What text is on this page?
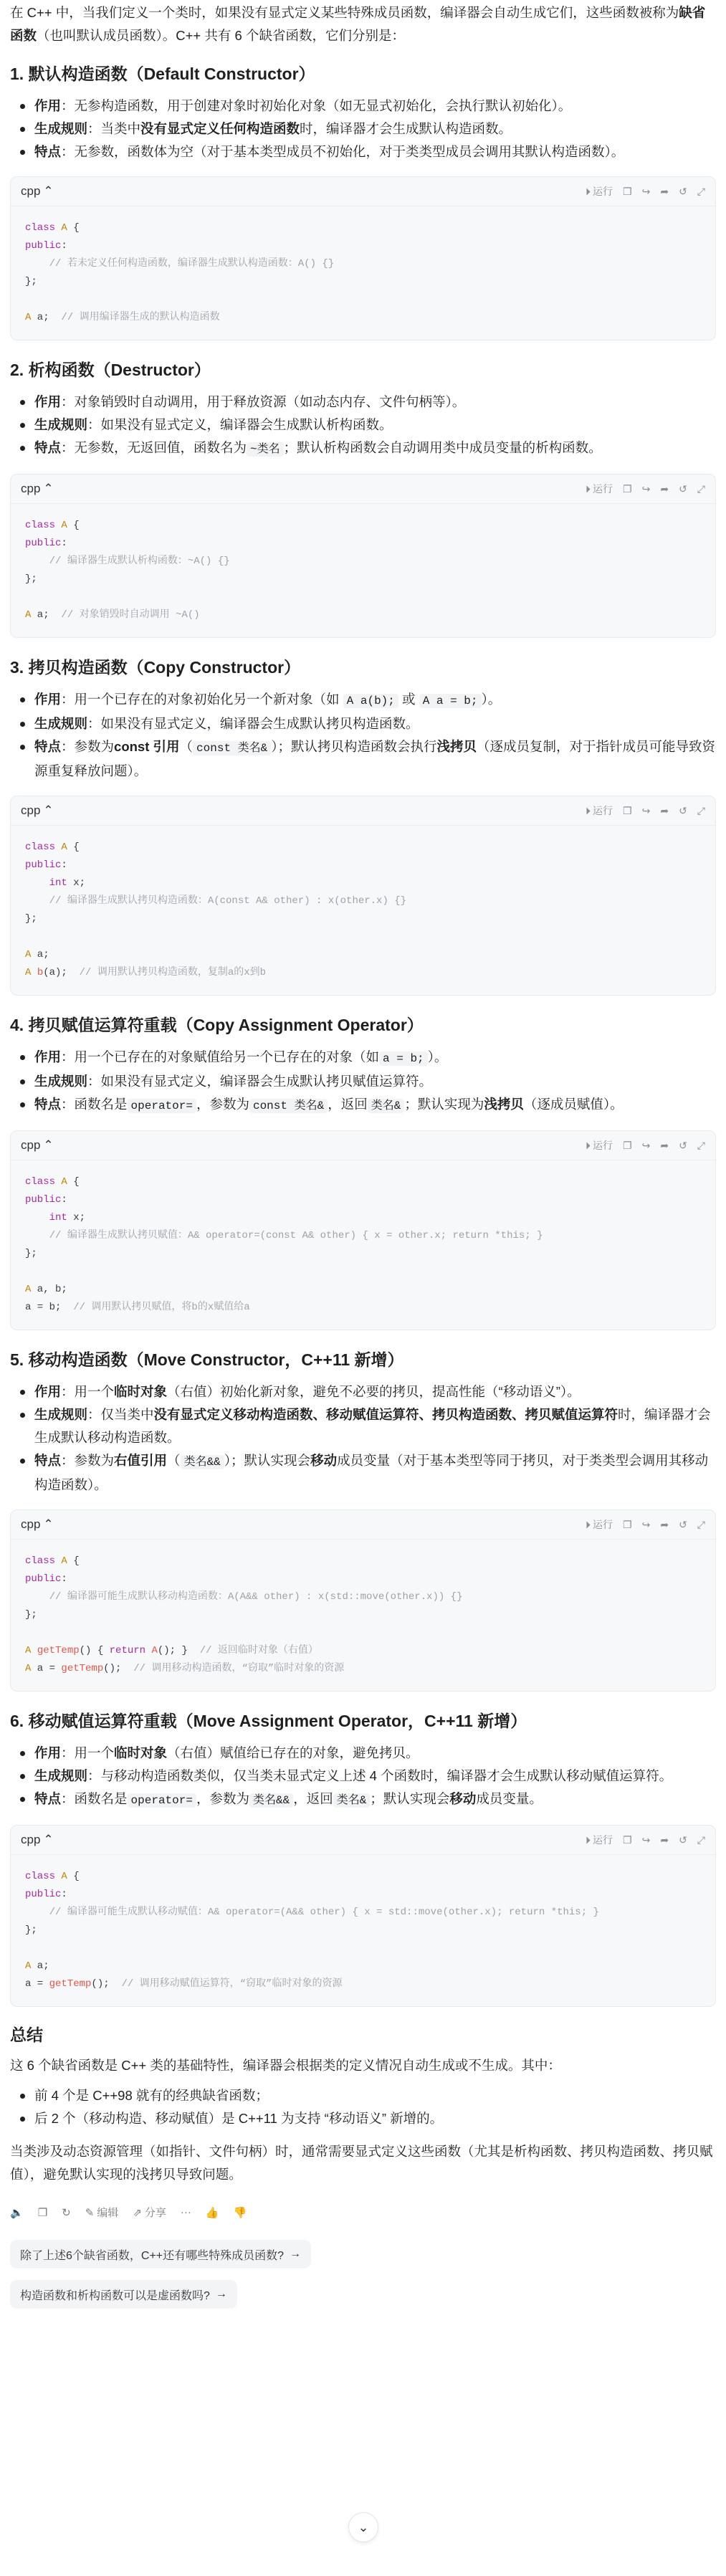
在 C++ 中，当我们定义一个类时，如果没有显式定义某些特殊成员函数，编译器会自动生成它们，这些函数被称为缺省函数（也叫默认成员函数）。C++ 共有 6 个缺省函数，它们分别是：

1. 默认构造函数（Default Constructor）
作用：无参构造函数，用于创建对象时初始化对象（如无显式初始化，会执行默认初始化）。
生成规则：当类中没有显式定义任何构造函数时，编译器才会生成默认构造函数。
特点：无参数，函数体为空（对于基本类型成员不初始化，对于类类型成员会调用其默认构造函数）。
cpp ⌃	⏵ 运行 ❐ ↪ ➦ ↺ ⤢
class A {
public:
// 若未定义任何构造函数，编译器生成默认构造函数：A() {}
};

A a;  // 调用编译器生成的默认构造函数
2. 析构函数（Destructor）
作用：对象销毁时自动调用，用于释放资源（如动态内存、文件句柄等）。
生成规则：如果没有显式定义，编译器会生成默认析构函数。
特点：无参数，无返回值，函数名为 ~类名 ；默认析构函数会自动调用类中成员变量的析构函数。
cpp ⌃	⏵ 运行 ❐ ↪ ➦ ↺ ⤢
class A {
public:
// 编译器生成默认析构函数：~A() {}
};

A a;  // 对象销毁时自动调用 ~A()
3. 拷贝构造函数（Copy Constructor）
作用：用一个已存在的对象初始化另一个新对象（如 A a(b); 或 A a = b; ）。
生成规则：如果没有显式定义，编译器会生成默认拷贝构造函数。
特点：参数为const 引用（ const 类名& ）；默认拷贝构造函数会执行浅拷贝（逐成员复制，对于指针成员可能导致资源重复释放问题）。
cpp ⌃	⏵ 运行 ❐ ↪ ➦ ↺ ⤢
class A {
public:
int x;
// 编译器生成默认拷贝构造函数：A(const A& other) : x(other.x) {}
};

A a;
A b(a);  // 调用默认拷贝构造函数，复制a的x到b
4. 拷贝赋值运算符重载（Copy Assignment Operator）
作用：用一个已存在的对象赋值给另一个已存在的对象（如 a = b; ）。
生成规则：如果没有显式定义，编译器会生成默认拷贝赋值运算符。
特点：函数名是 operator= ，参数为 const 类名& ，返回 类名& ；默认实现为浅拷贝（逐成员赋值）。
cpp ⌃	⏵ 运行 ❐ ↪ ➦ ↺ ⤢
class A {
public:
int x;
// 编译器生成默认拷贝赋值：A& operator=(const A& other) { x = other.x; return *this; }
};

A a, b;
a = b;  // 调用默认拷贝赋值，将b的x赋值给a
5. 移动构造函数（Move Constructor，C++11 新增）
作用：用一个临时对象（右值）初始化新对象，避免不必要的拷贝，提高性能（“移动语义”）。
生成规则：仅当类中没有显式定义移动构造函数、移动赋值运算符、拷贝构造函数、拷贝赋值运算符时，编译器才会生成默认移动构造函数。
特点：参数为右值引用（ 类名&& ）；默认实现会移动成员变量（对于基本类型等同于拷贝，对于类类型会调用其移动构造函数）。
cpp ⌃	⏵ 运行 ❐ ↪ ➦ ↺ ⤢
class A {
public:
// 编译器可能生成默认移动构造函数：A(A&& other) : x(std::move(other.x)) {}
};

A getTemp() { return A(); }  // 返回临时对象（右值）
A a = getTemp();  // 调用移动构造函数，“窃取”临时对象的资源
6. 移动赋值运算符重载（Move Assignment Operator，C++11 新增）
作用：用一个临时对象（右值）赋值给已存在的对象，避免拷贝。
生成规则：与移动构造函数类似，仅当类未显式定义上述 4 个函数时，编译器才会生成默认移动赋值运算符。
特点：函数名是 operator= ，参数为 类名&& ，返回 类名& ；默认实现会移动成员变量。
cpp ⌃	⏵ 运行 ❐ ↪ ➦ ↺ ⤢
class A {
public:
// 编译器可能生成默认移动赋值：A& operator=(A&& other) { x = std::move(other.x); return *this; }
};

A a;
a = getTemp();  // 调用移动赋值运算符，“窃取”临时对象的资源
总结

这 6 个缺省函数是 C++ 类的基础特性，编译器会根据类的定义情况自动生成或不生成。其中：

前 4 个是 C++98 就有的经典缺省函数；
后 2 个（移动构造、移动赋值）是 C++11 为支持 “移动语义” 新增的。

当类涉及动态资源管理（如指针、文件句柄）时，通常需要显式定义这些函数（尤其是析构函数、拷贝构造函数、拷贝赋值），避免默认实现的浅拷贝导致问题。

🔈 ❐ ↻ ✎ 编辑 ⇗ 分享 ··· 👍 👎
除了上述6个缺省函数，C++还有哪些特殊成员函数? →
构造函数和析构函数可以是虚函数吗? →
⌄
